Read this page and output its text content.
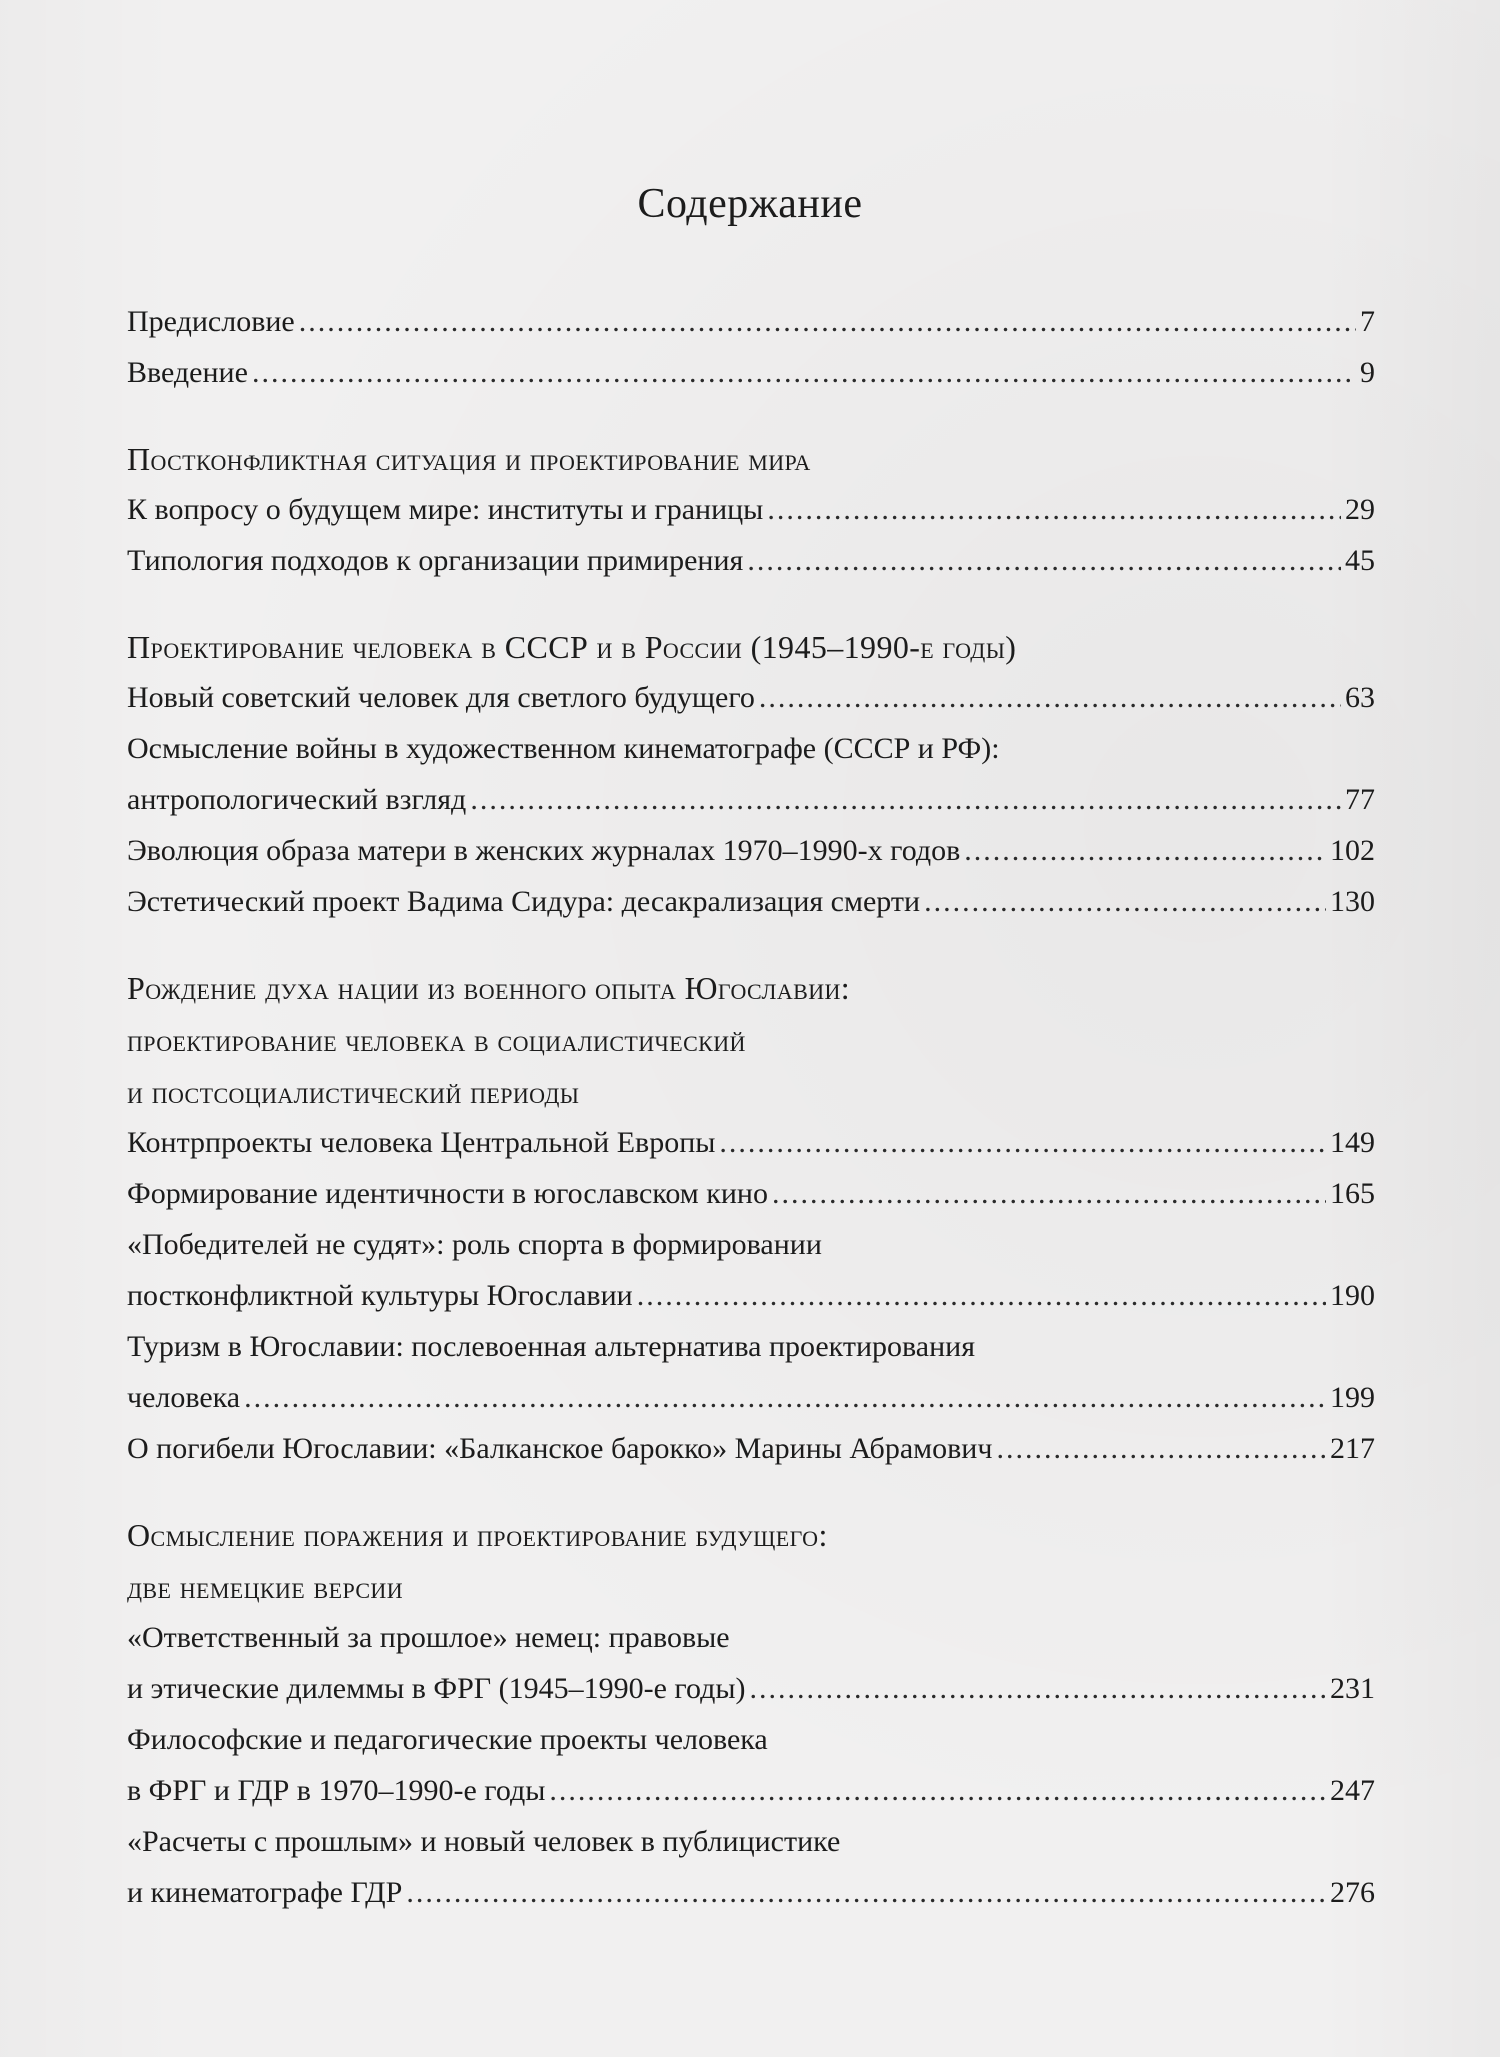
Содержание
Предисловие .....	7
Введение .....	9
Постконфликтная ситуация и проектирование мира
К вопросу о будущем мире: институты и границы .....	29
Типология подходов к организации примирения .....	45
Проектирование человека в СССР и в России (1945–1990-е годы)
Новый советский человек для светлого будущего .....	63
Осмысление войны в художественном кинематографе (СССР и РФ):
антропологический взгляд .....	77
Эволюция образа матери в женских журналах 1970–1990-х годов .....	102
Эстетический проект Вадима Сидура: десакрализация смерти .....	130
Рождение духа нации из военного опыта Югославии:
проектирование человека в социалистический
и постсоциалистический периоды
Контрпроекты человека Центральной Европы .....	149
Формирование идентичности в югославском кино .....	165
«Победителей не судят»: роль спорта в формировании
постконфликтной культуры Югославии .....	190
Туризм в Югославии: послевоенная альтернатива проектирования
человека .....	199
О погибели Югославии: «Балканское барокко» Марины Абрамович .....	217
Осмысление поражения и проектирование будущего:
две немецкие версии
«Ответственный за прошлое» немец: правовые
и этические дилеммы в ФРГ (1945–1990-е годы) .....	231
Философские и педагогические проекты человека
в ФРГ и ГДР в 1970–1990-е годы .....	247
«Расчеты с прошлым» и новый человек в публицистике
и кинематографе ГДР .....	276
